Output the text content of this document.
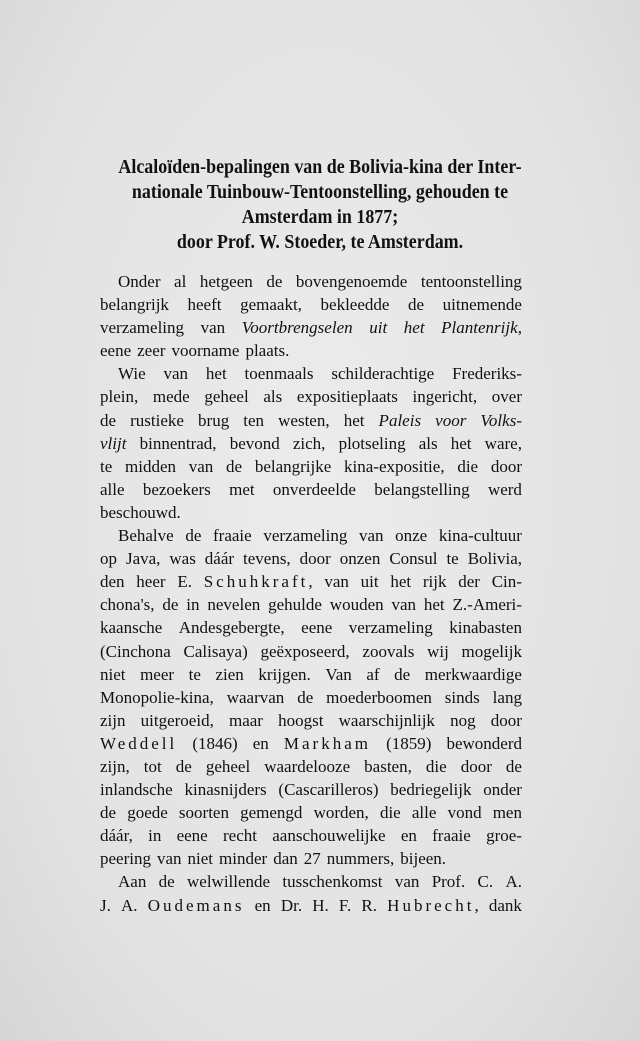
Alcaloïden-bepalingen van de Bolivia-kina der Inter-
nationale Tuinbouw-Tentoonstelling, gehouden te
Amsterdam in 1877;
door Prof. W. Stoeder, te Amsterdam.
Onder al hetgeen de bovengenoemde tentoonstelling
belangrijk heeft gemaakt, bekleedde de uitnemende
verzameling van Voortbrengselen uit het Plantenrijk,
eene zeer voorname plaats.
Wie van het toenmaals schilderachtige Frederiks-
plein, mede geheel als expositieplaats ingericht, over
de rustieke brug ten westen, het Paleis voor Volks-
vlijt binnentrad, bevond zich, plotseling als het ware,
te midden van de belangrijke kina-expositie, die door
alle bezoekers met onverdeelde belangstelling werd
beschouwd.
Behalve de fraaie verzameling van onze kina-cultuur
op Java, was dáár tevens, door onzen Consul te Bolivia,
den heer E. Schuhkraft, van uit het rijk der Cin-
chona's, de in nevelen gehulde wouden van het Z.-Ameri-
kaansche Andesgebergte, eene verzameling kinabasten
(Cinchona Calisaya) geëxposeerd, zoovals wij mogelijk
niet meer te zien krijgen. Van af de merkwaardige
Monopolie-kina, waarvan de moederboomen sinds lang
zijn uitgeroeid, maar hoogst waarschijnlijk nog door
Weddell (1846) en Markham (1859) bewonderd
zijn, tot de geheel waardelooze basten, die door de
inlandsche kinasnijders (Cascarilleros) bedriegelijk onder
de goede soorten gemengd worden, die alle vond men
dáár, in eene recht aanschouwelijke en fraaie groe-
peering van niet minder dan 27 nummers, bijeen.
Aan de welwillende tusschenkomst van Prof. C. A.
J. A. Oudemans en Dr. H. F. R. Hubrecht, dank
